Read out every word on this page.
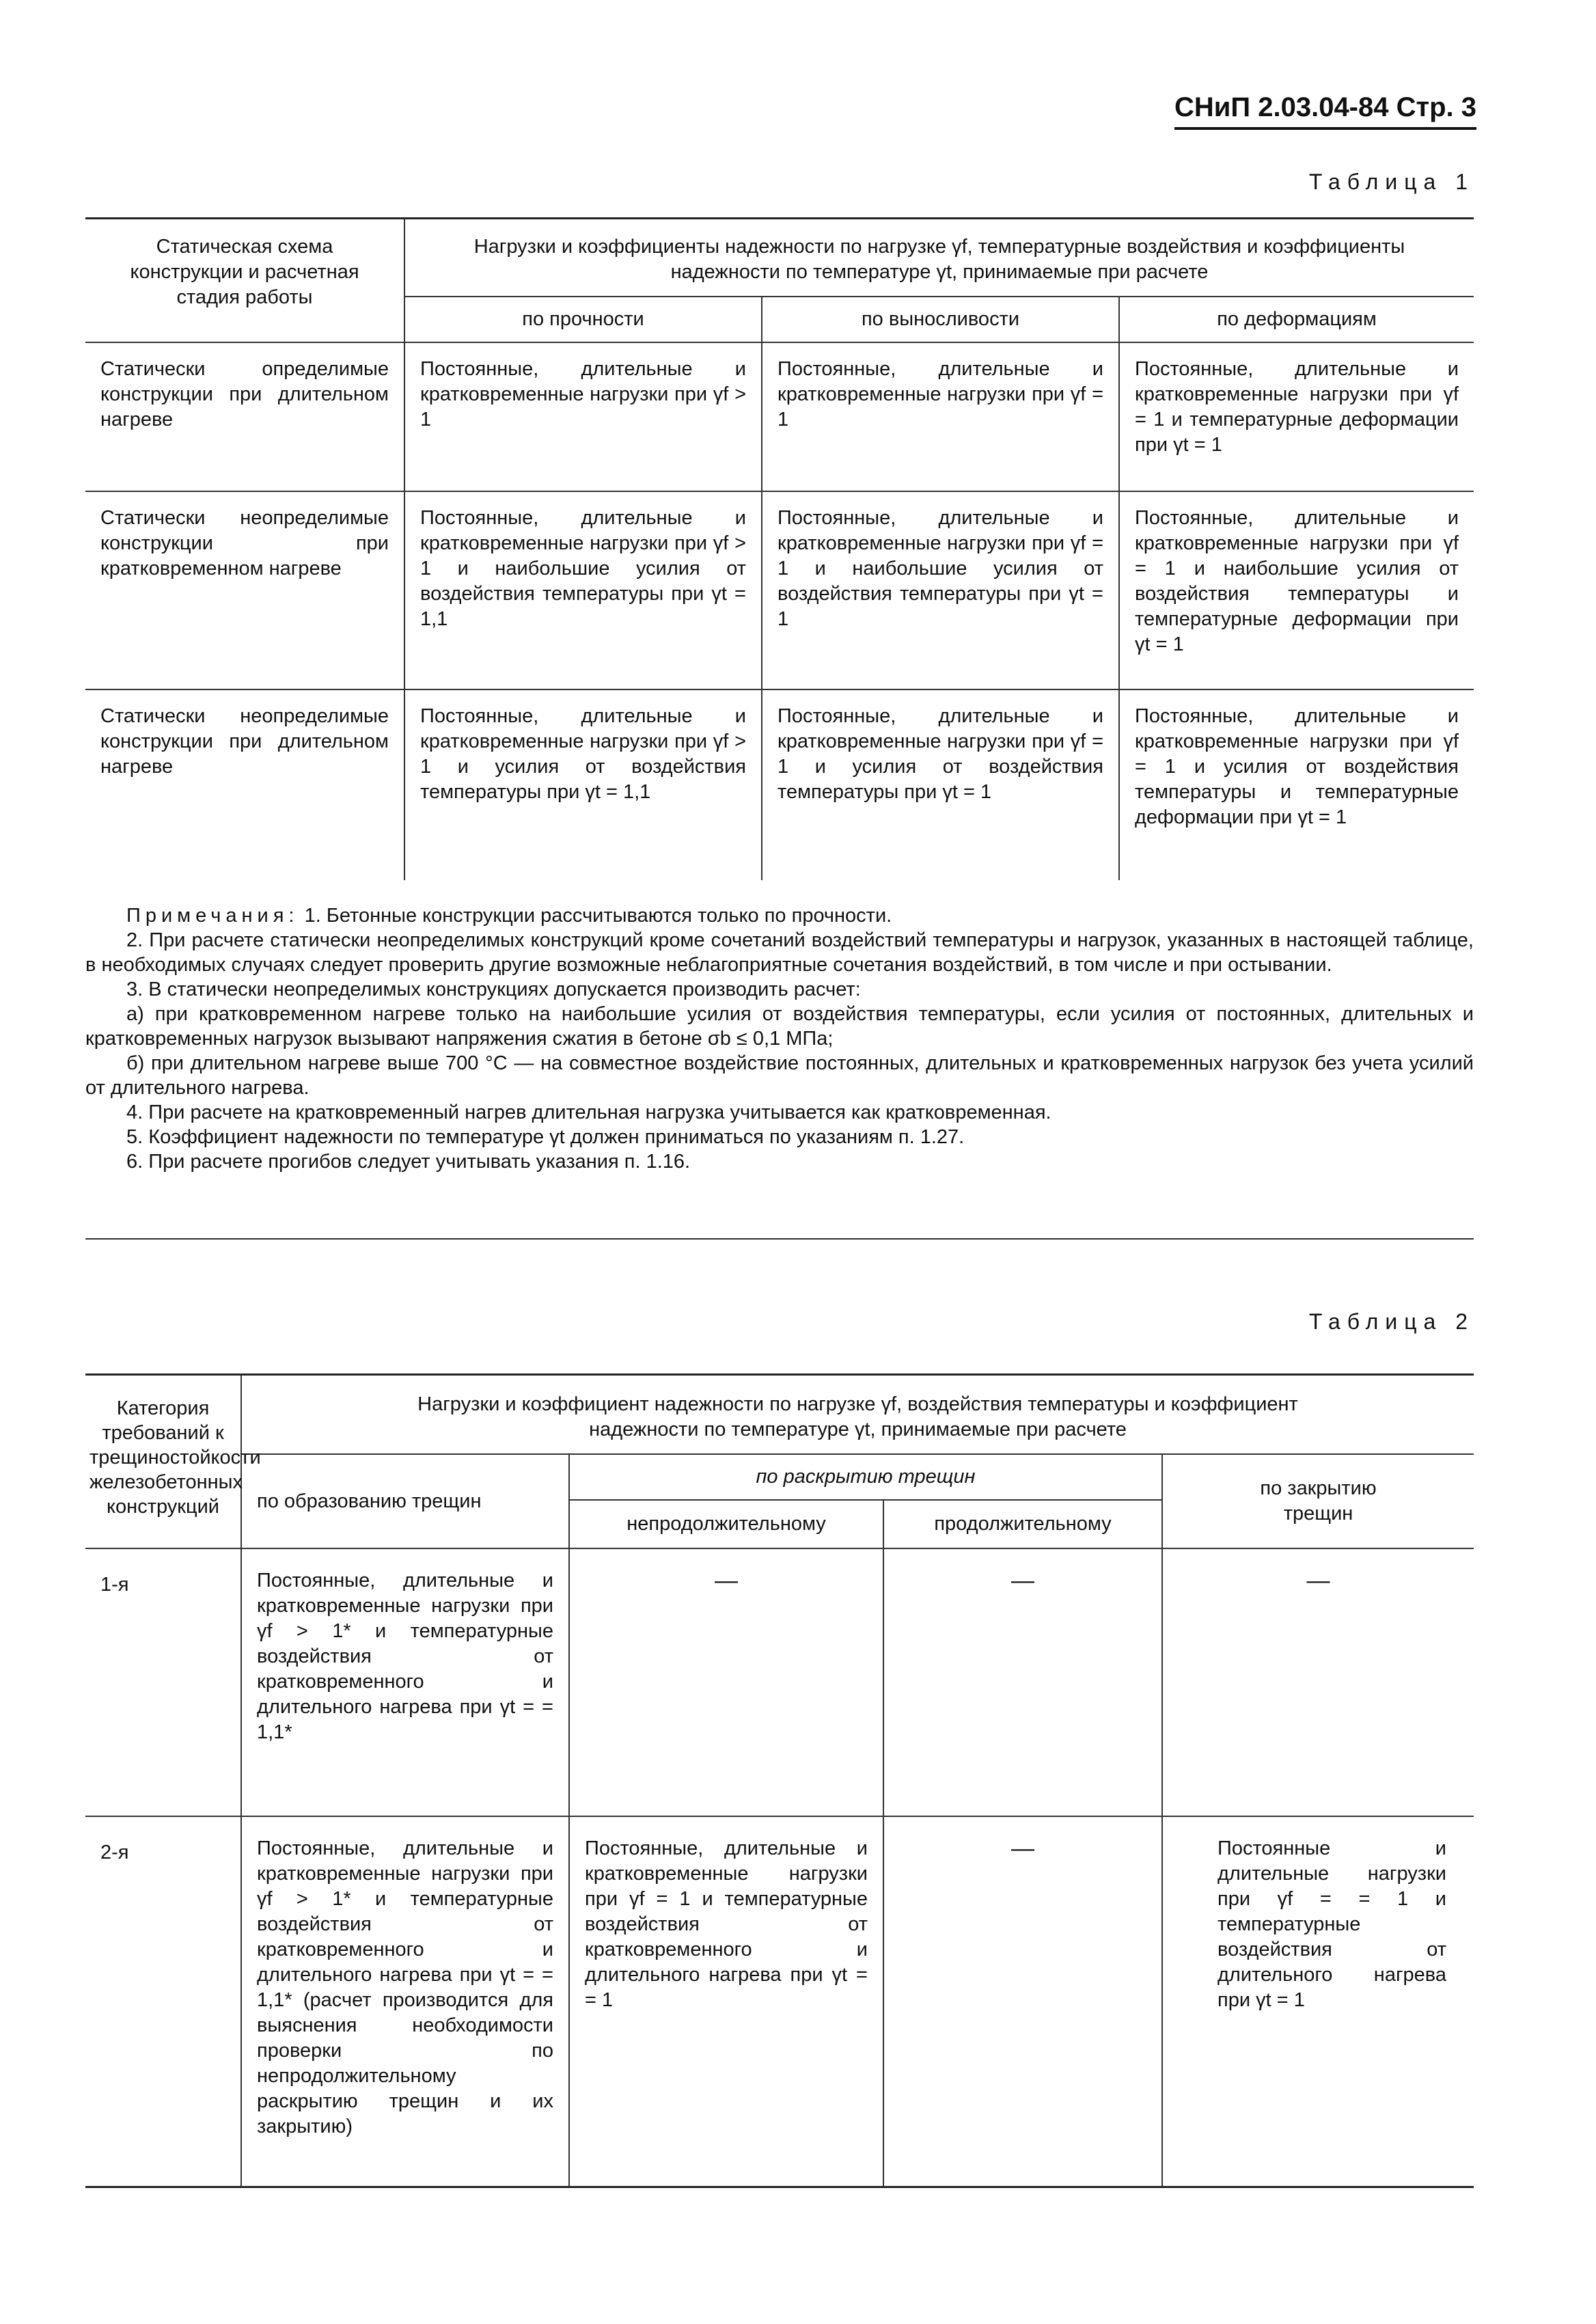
СНиП 2.03.04-84 Стр. 3
Таблица 1
Статическая схема конструкции и расчетная стадия работы	Нагрузки и коэффициенты надежности по нагрузке γf, температурные воздействия и коэффициенты надежности по температуре γt, принимаемые при расчете		
	по прочности	по выносливости	по деформациям
Статически определимые конструкции при длительном нагреве	Постоянные, длительные и кратковременные нагрузки при γf > 1	Постоянные, длительные и кратковременные нагрузки при γf = 1	Постоянные, длительные и кратковременные нагрузки при γf = 1 и температурные деформации при γt = 1
Статически неопределимые конструкции при кратковременном нагреве	Постоянные, длительные и кратковременные нагрузки при γf > 1 и наибольшие усилия от воздействия температуры при γt = 1,1	Постоянные, длительные и кратковременные нагрузки при γf = 1 и наибольшие усилия от воздействия температуры при γt = 1	Постоянные, длительные и кратковременные нагрузки при γf = 1 и наибольшие усилия от воздействия температуры и температурные деформации при γt = 1
Статически неопределимые конструкции при длительном нагреве	Постоянные, длительные и кратковременные нагрузки при γf > 1 и усилия от воздействия температуры при γt = 1,1	Постоянные, длительные и кратковременные нагрузки при γf = 1 и усилия от воздействия температуры при γt = 1	Постоянные, длительные и кратковременные нагрузки при γf = 1 и усилия от воздействия температуры и температурные деформации при γt = 1

Примечания: 1. Бетонные конструкции рассчитываются только по прочности.

2. При расчете статически неопределимых конструкций кроме сочетаний воздействий температуры и нагрузок, указанных в настоящей таблице, в необходимых случаях следует проверить другие возможные неблагоприятные сочетания воздействий, в том числе и при остывании.

3. В статически неопределимых конструкциях допускается производить расчет:

а) при кратковременном нагреве только на наибольшие усилия от воздействия температуры, если усилия от постоянных, длительных и кратковременных нагрузок вызывают напряжения сжатия в бетоне σb ≤ 0,1 МПа;

б) при длительном нагреве выше 700 °С — на совместное воздействие постоянных, длительных и кратковременных нагрузок без учета усилий от длительного нагрева.

4. При расчете на кратковременный нагрев длительная нагрузка учитывается как кратковременная.

5. Коэффициент надежности по температуре γt должен приниматься по указаниям п. 1.27.

6. При расчете прогибов следует учитывать указания п. 1.16.

Таблица 2
Категория требований к трещиностойкости железобетонных конструкций	Нагрузки и коэффициент надежности по нагрузке γf, воздействия температуры и коэффициент надежности по температуре γt, принимаемые при расчете			
	по образованию трещин	по раскрытию трещин		по закрытию трещин
		непродолжительному	продолжительному	
1-я	Постоянные, длительные и кратковременные нагрузки при γf > 1* и температурные воздействия от кратковременного и длительного нагрева при γt = = 1,1*	—	—	—
2-я	Постоянные, длительные и кратковременные нагрузки при γf > 1* и температурные воздействия от кратковременного и длительного нагрева при γt = = 1,1* (расчет производится для выяснения необходимости проверки по непродолжительному раскрытию трещин и их закрытию)	Постоянные, длительные и кратковременные нагрузки при γf = 1 и температурные воздействия от кратковременного и длительного нагрева при γt = = 1	—	Постоянные и длительные нагрузки при γf = = 1 и температурные воздействия от длительного нагрева при γt = 1
